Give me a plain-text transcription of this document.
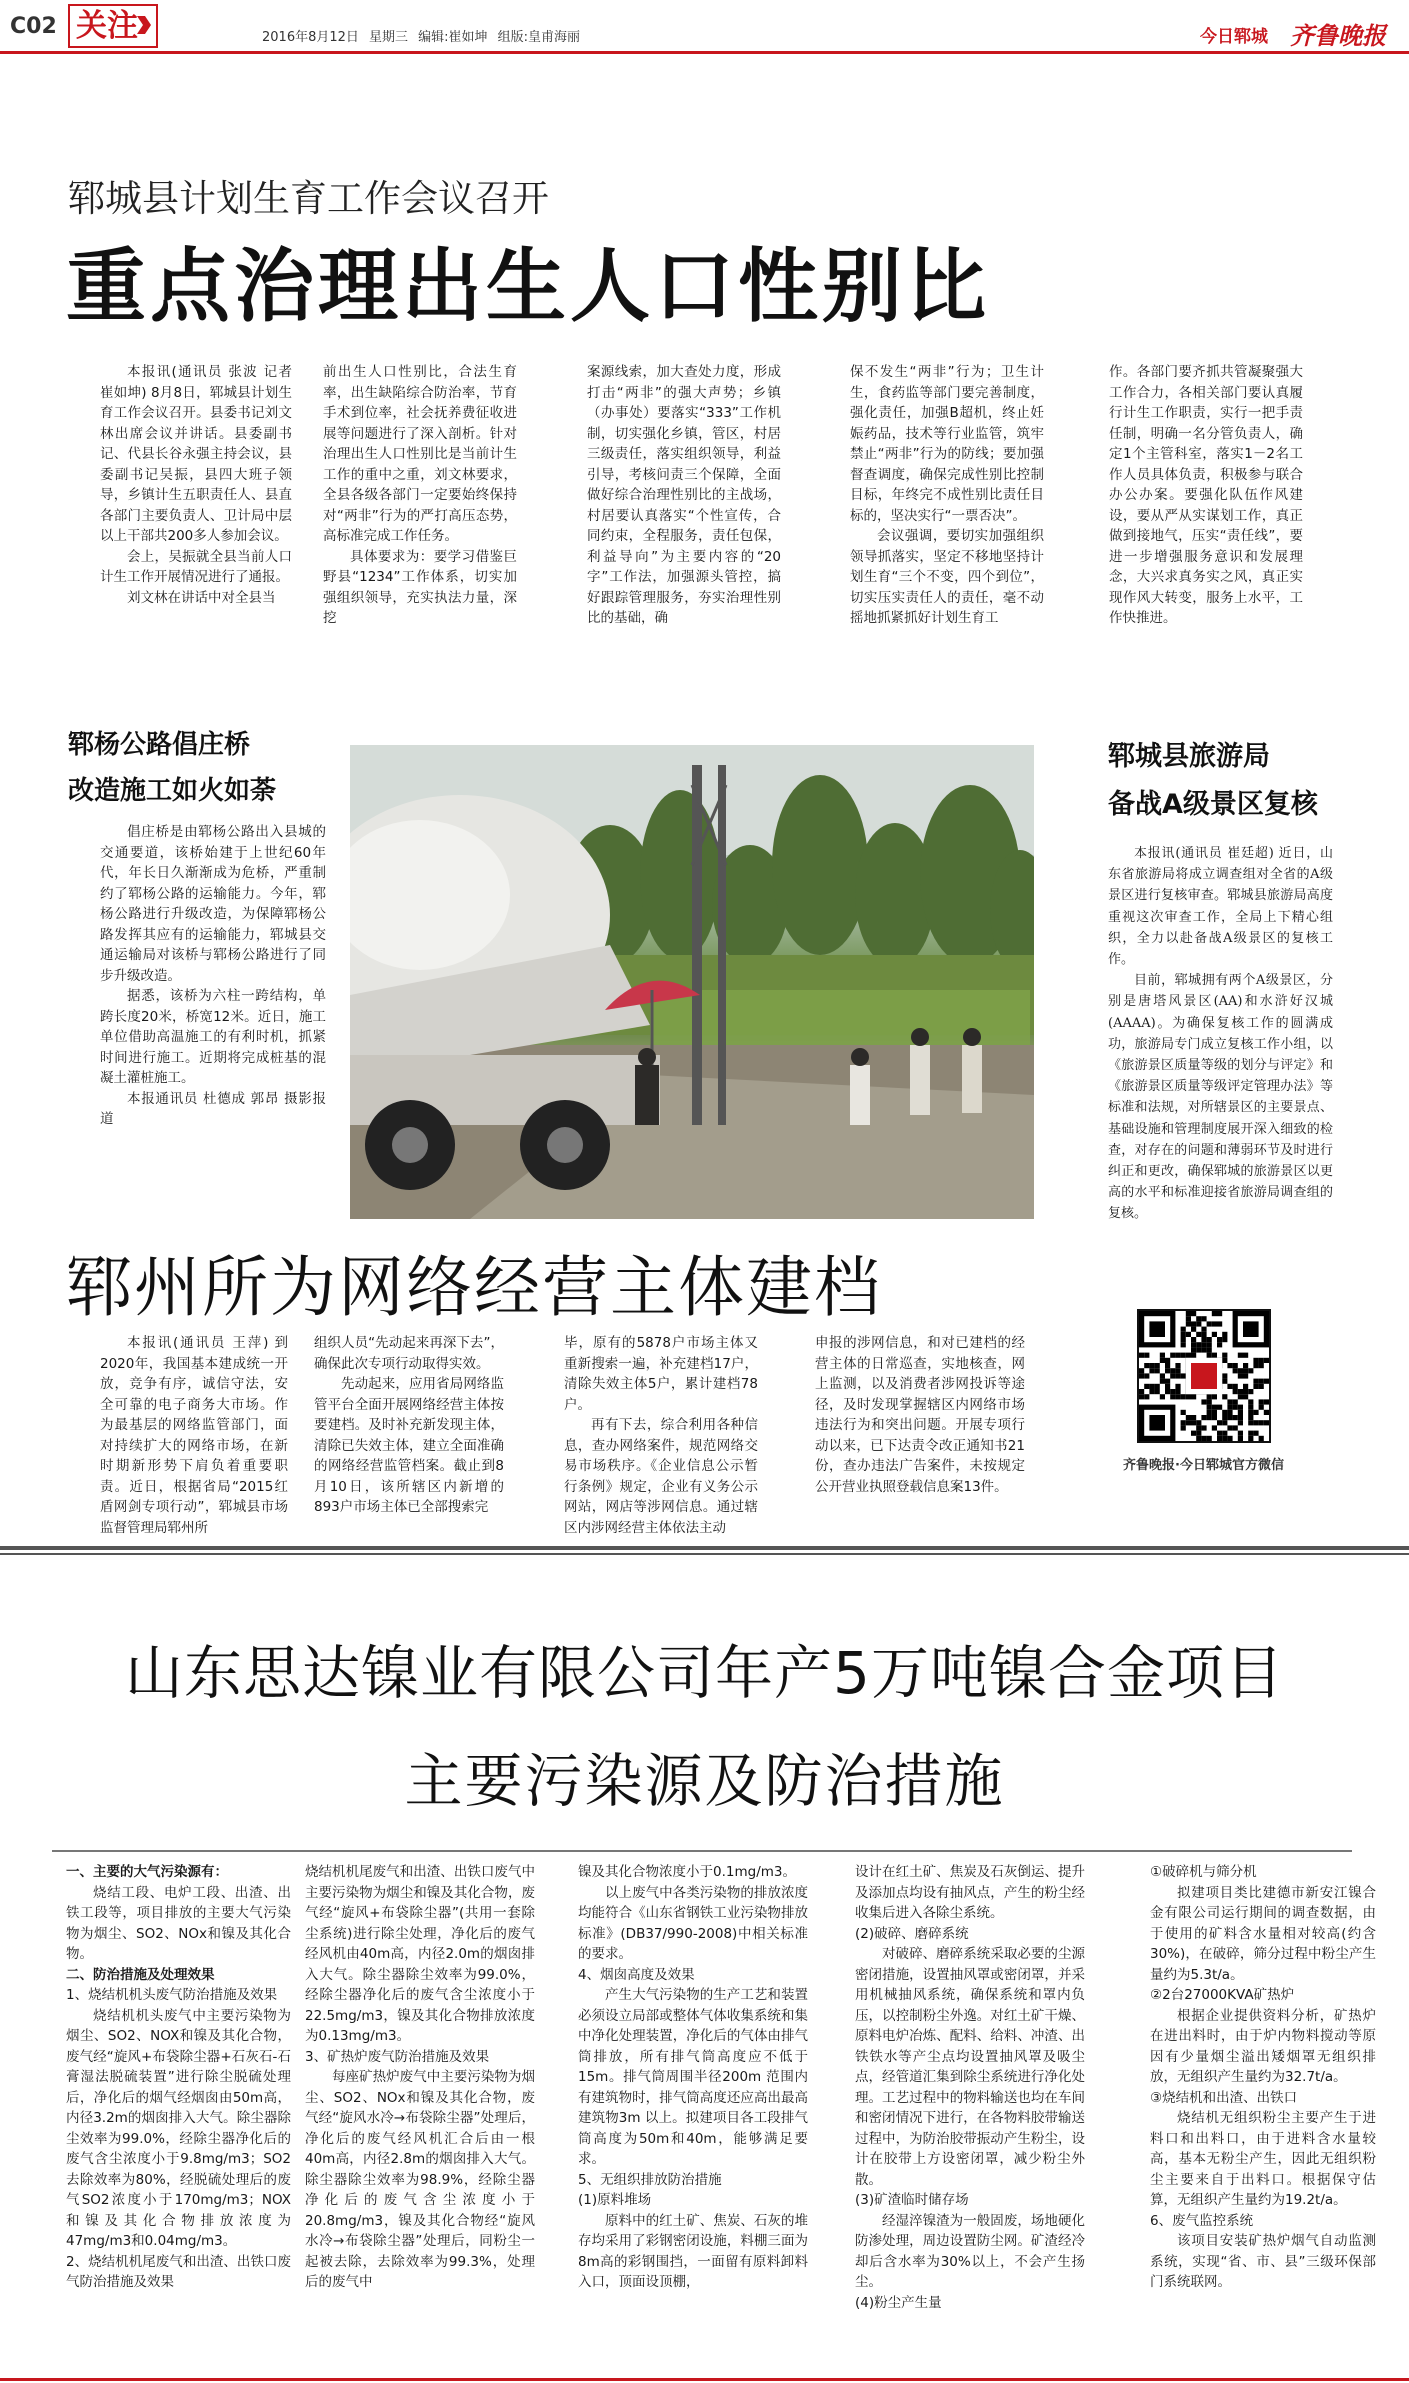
C02 关注	2016年8月12日 星期三 编辑:崔如坤 组版:皇甫海丽	今日郓城 齐鲁晚报
郓城县计划生育工作会议召开
重点治理出生人口性别比

本报讯(通讯员 张波 记者 崔如坤) 8月8日，郓城县计划生育工作会议召开。县委书记刘文林出席会议并讲话。县委副书记、代县长谷永强主持会议，县委副书记吴振，县四大班子领导，乡镇计生五职责任人、县直各部门主要负责人、卫计局中层以上干部共200多人参加会议。

会上，吴振就全县当前人口计生工作开展情况进行了通报。

刘文林在讲话中对全县当

前出生人口性别比，合法生育率，出生缺陷综合防治率，节育手术到位率，社会抚养费征收进展等问题进行了深入剖析。针对治理出生人口性别比是当前计生工作的重中之重，刘文林要求，全县各级各部门一定要始终保持对“两非”行为的严打高压态势，高标准完成工作任务。

具体要求为：要学习借鉴巨野县“1234”工作体系，切实加强组织领导，充实执法力量，深挖

案源线索，加大查处力度，形成打击“两非”的强大声势；乡镇（办事处）要落实“333”工作机制，切实强化乡镇，管区，村居三级责任，落实组织领导，利益引导，考核问责三个保障，全面做好综合治理性别比的主战场，村居要认真落实“个性宣传，合同约束，全程服务，责任包保，利益导向”为主要内容的“20字”工作法，加强源头管控，搞好跟踪管理服务，夯实治理性别比的基础，确

保不发生“两非”行为；卫生计生，食药监等部门要完善制度，强化责任，加强B超机，终止妊娠药品，技术等行业监管，筑牢禁止“两非”行为的防线；要加强督查调度，确保完成性别比控制目标，年终完不成性别比责任目标的，坚决实行“一票否决”。

会议强调，要切实加强组织领导抓落实，坚定不移地坚持计划生育“三个不变，四个到位”，切实压实责任人的责任，毫不动摇地抓紧抓好计划生育工

作。各部门要齐抓共管凝聚强大工作合力，各相关部门要认真履行计生工作职责，实行一把手责任制，明确一名分管负责人，确定1个主管科室，落实1－2名工作人员具体负责，积极参与联合办公办案。要强化队伍作风建设，要从严从实谋划工作，真正做到接地气，压实“责任线”，要进一步增强服务意识和发展理念，大兴求真务实之风，真正实现作风大转变，服务上水平，工作快推进。

郓杨公路倡庄桥
改造施工如火如荼

倡庄桥是由郓杨公路出入县城的交通要道，该桥始建于上世纪60年代，年长日久渐渐成为危桥，严重制约了郓杨公路的运输能力。今年，郓杨公路进行升级改造，为保障郓杨公路发挥其应有的运输能力，郓城县交通运输局对该桥与郓杨公路进行了同步升级改造。

据悉，该桥为六柱一跨结构，单跨长度20米，桥宽12米。近日，施工单位借助高温施工的有利时机，抓紧时间进行施工。近期将完成桩基的混凝土灌桩施工。

本报通讯员 杜德成 郭昂 摄影报道

郓城县旅游局
备战A级景区复核

本报讯(通讯员 崔廷超) 近日，山东省旅游局将成立调查组对全省的A级景区进行复核审查。郓城县旅游局高度重视这次审查工作，全局上下精心组织，全力以赴备战A级景区的复核工作。

目前，郓城拥有两个A级景区，分别是唐塔风景区(AA)和水浒好汉城(AAAA)。为确保复核工作的圆满成功，旅游局专门成立复核工作小组，以《旅游景区质量等级的划分与评定》和《旅游景区质量等级评定管理办法》等标准和法规，对所辖景区的主要景点、基础设施和管理制度展开深入细致的检查，对存在的问题和薄弱环节及时进行纠正和更改，确保郓城的旅游景区以更高的水平和标准迎接省旅游局调查组的复核。

郓州所为网络经营主体建档

本报讯(通讯员 王萍) 到2020年，我国基本建成统一开放，竞争有序，诚信守法，安全可靠的电子商务大市场。作为最基层的网络监管部门，面对持续扩大的网络市场，在新时期新形势下肩负着重要职责。近日，根据省局“2015红盾网剑专项行动”，郓城县市场监督管理局郓州所

组织人员“先动起来再深下去”，确保此次专项行动取得实效。

先动起来，应用省局网络监管平台全面开展网络经营主体按要建档。及时补充新发现主体，清除已失效主体，建立全面准确的网络经营监管档案。截止到8月10日，该所辖区内新增的893户市场主体已全部搜索完

毕，原有的5878户市场主体又重新搜索一遍，补充建档17户，清除失效主体5户，累计建档78户。

再有下去，综合利用各种信息，查办网络案件，规范网络交易市场秩序。《企业信息公示暂行条例》规定，企业有义务公示网站，网店等涉网信息。通过辖区内涉网经营主体依法主动

申报的涉网信息，和对已建档的经营主体的日常巡查，实地核查，网上监测，以及消费者涉网投诉等途径，及时发现掌握辖区内网络市场违法行为和突出问题。开展专项行动以来，已下达责令改正通知书21份，查办违法广告案件，未按规定公开营业执照登载信息案13件。

齐鲁晚报·今日郓城官方微信
山东思达镍业有限公司年产5万吨镍合金项目
主要污染源及防治措施

一、主要的大气污染源有：

烧结工段、电炉工段、出渣、出铁工段等，项目排放的主要大气污染物为烟尘、SO2、NOx和镍及其化合物。

二、防治措施及处理效果

1、烧结机机头废气防治措施及效果

烧结机机头废气中主要污染物为烟尘、SO2、NOX和镍及其化合物，废气经“旋风+布袋除尘器+石灰石-石膏湿法脱硫装置”进行除尘脱硫处理后，净化后的烟气经烟囱由50m高，内径3.2m的烟囱排入大气。除尘器除尘效率为99.0%，经除尘器净化后的废气含尘浓度小于9.8mg/m3；SO2去除效率为80%，经脱硫处理后的废气SO2浓度小于170mg/m3；NOX和镍及其化合物排放浓度为47mg/m3和0.04mg/m3。

2、烧结机机尾废气和出渣、出铁口废气防治措施及效果

烧结机机尾废气和出渣、出铁口废气中主要污染物为烟尘和镍及其化合物，废气经“旋风+布袋除尘器”(共用一套除尘系统)进行除尘处理，净化后的废气经风机由40m高，内径2.0m的烟囱排入大气。除尘器除尘效率为99.0%，经除尘器净化后的废气含尘浓度小于22.5mg/m3，镍及其化合物排放浓度为0.13mg/m3。

3、矿热炉废气防治措施及效果

每座矿热炉废气中主要污染物为烟尘、SO2、NOx和镍及其化合物，废气经“旋风水冷→布袋除尘器”处理后，净化后的废气经风机汇合后由一根40m高，内径2.8m的烟囱排入大气。除尘器除尘效率为98.9%，经除尘器净化后的废气含尘浓度小于20.8mg/m3，镍及其化合物经“旋风水冷→布袋除尘器”处理后，同粉尘一起被去除，去除效率为99.3%，处理后的废气中

镍及其化合物浓度小于0.1mg/m3。

以上废气中各类污染物的排放浓度均能符合《山东省钢铁工业污染物排放标准》(DB37/990-2008)中相关标准的要求。

4、烟囱高度及效果

产生大气污染物的生产工艺和装置必须设立局部或整体气体收集系统和集中净化处理装置，净化后的气体由排气筒排放，所有排气筒高度应不低于15m。排气筒周围半径200m 范围内有建筑物时，排气筒高度还应高出最高建筑物3m 以上。拟建项目各工段排气筒高度为50m和40m，能够满足要求。

5、无组织排放防治措施

(1)原料堆场

原料中的红土矿、焦炭、石灰的堆存均采用了彩钢密闭设施，料棚三面为8m高的彩钢围挡，一面留有原料卸料入口，顶面设顶棚，

设计在红土矿、焦炭及石灰倒运、提升及添加点均设有抽风点，产生的粉尘经收集后进入各除尘系统。

(2)破碎、磨碎系统

对破碎、磨碎系统采取必要的尘源密闭措施，设置抽风罩或密闭罩，并采用机械抽风系统，确保系统和罩内负压，以控制粉尘外逸。对红土矿干燥、原料电炉冶炼、配料、给料、冲渣、出铁铁水等产尘点均设置抽风罩及吸尘点，经管道汇集到除尘系统进行净化处理。工艺过程中的物料输送也均在车间和密闭情况下进行，在各物料胶带输送过程中，为防治胶带振动产生粉尘，设计在胶带上方设密闭罩，减少粉尘外散。

(3)矿渣临时储存场

经湿淬镍渣为一般固废，场地硬化防渗处理，周边设置防尘网。矿渣经冷却后含水率为30%以上，不会产生扬尘。

(4)粉尘产生量

①破碎机与筛分机

拟建项目类比建德市新安江镍合金有限公司运行期间的调查数据，由于使用的矿料含水量相对较高(约含30%)，在破碎，筛分过程中粉尘产生量约为5.3t/a。

②2台27000KVA矿热炉

根据企业提供资料分析，矿热炉在进出料时，由于炉内物料搅动等原因有少量烟尘溢出矮烟罩无组织排放，无组织产生量约为32.7t/a。

③烧结机和出渣、出铁口

烧结机无组织粉尘主要产生于进料口和出料口，由于进料含水量较高，基本无粉尘产生，因此无组织粉尘主要来自于出料口。根据保守估算，无组织产生量约为19.2t/a。

6、废气监控系统

该项目安装矿热炉烟气自动监测系统，实现“省、市、县”三级环保部门系统联网。
